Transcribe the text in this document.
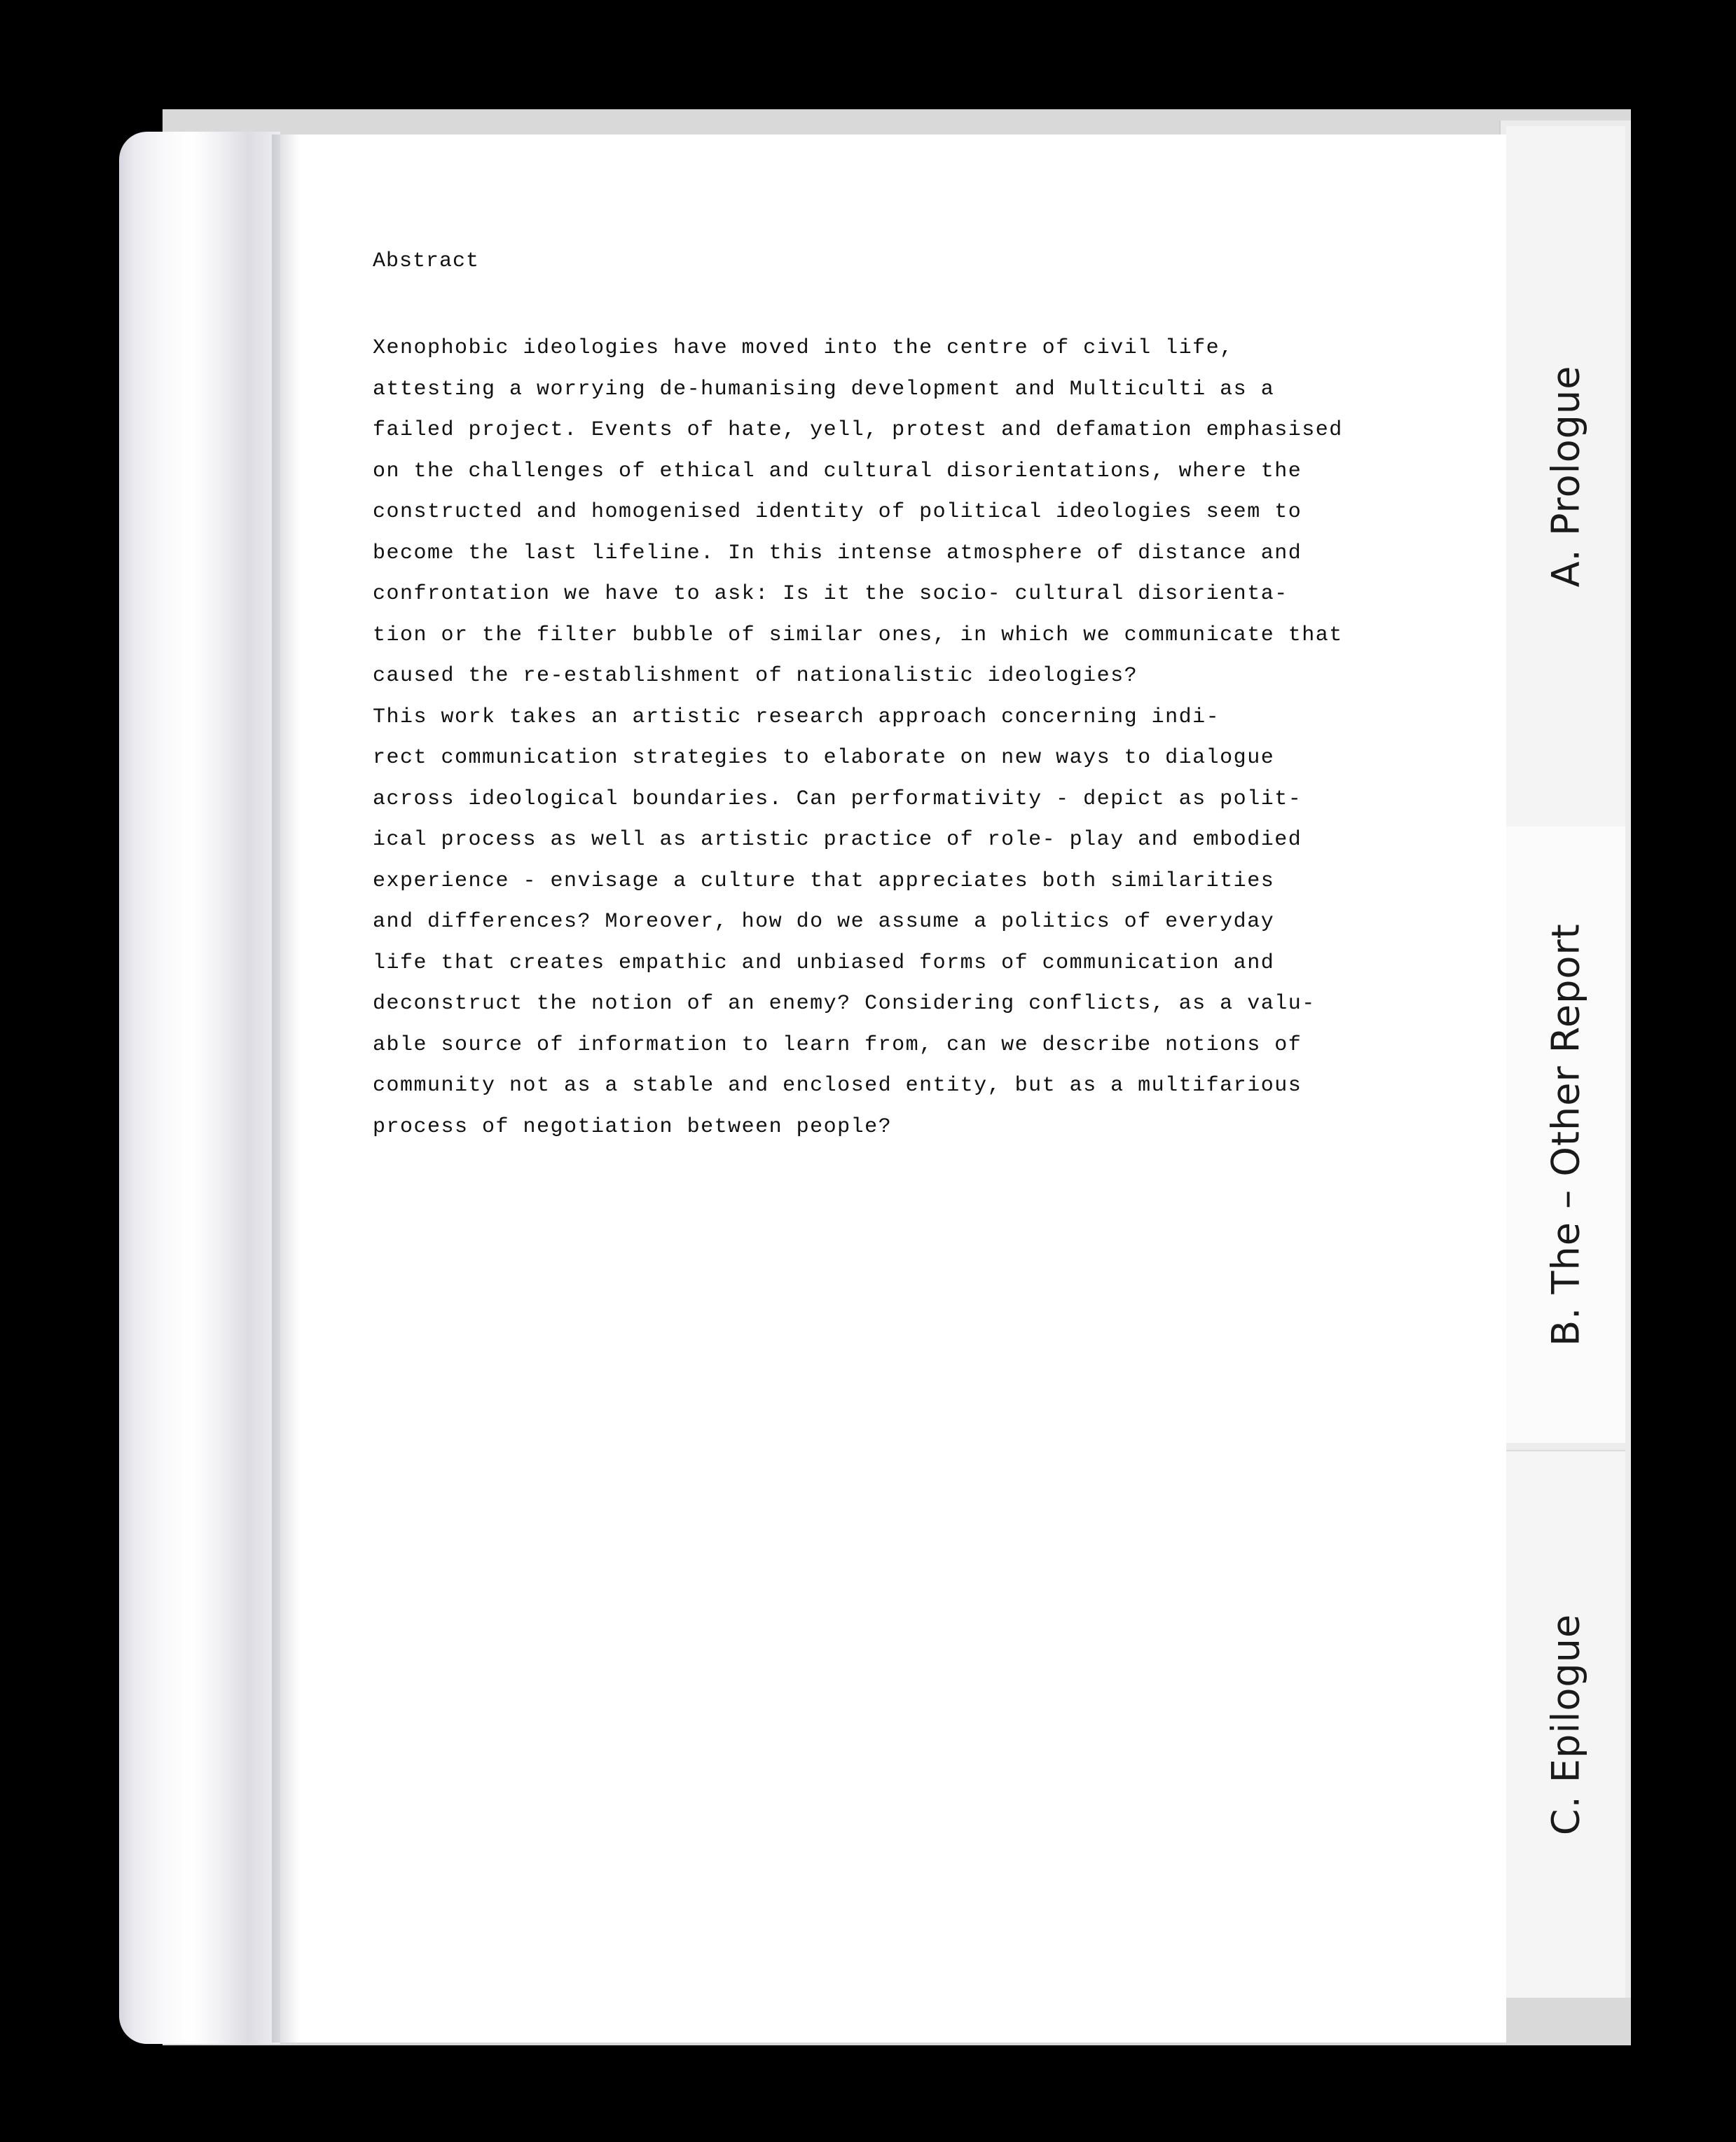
A. Prologue
B. The – Other Report
C. Epilogue
Abstract

Xenophobic ideologies have moved into the centre of civil life,

attesting a worrying de-humanising development and Multiculti as a

failed project. Events of hate, yell, protest and defamation emphasised

on the challenges of ethical and cultural disorientations, where the

constructed and homogenised identity of political ideologies seem to

become the last lifeline. In this intense atmosphere of distance and

confrontation we have to ask: Is it the socio- cultural disorienta-

tion or the filter bubble of similar ones, in which we communicate that

caused the re-establishment of nationalistic ideologies?

This work takes an artistic research approach concerning indi-

rect communication strategies to elaborate on new ways to dialogue

across ideological boundaries. Can performativity - depict as polit-

ical process as well as artistic practice of role- play and embodied

experience - envisage a culture that appreciates both similarities

and differences? Moreover, how do we assume a politics of everyday

life that creates empathic and unbiased forms of communication and

deconstruct the notion of an enemy? Considering conflicts, as a valu-

able source of information to learn from, can we describe notions of

community not as a stable and enclosed entity, but as a multifarious

process of negotiation between people?
